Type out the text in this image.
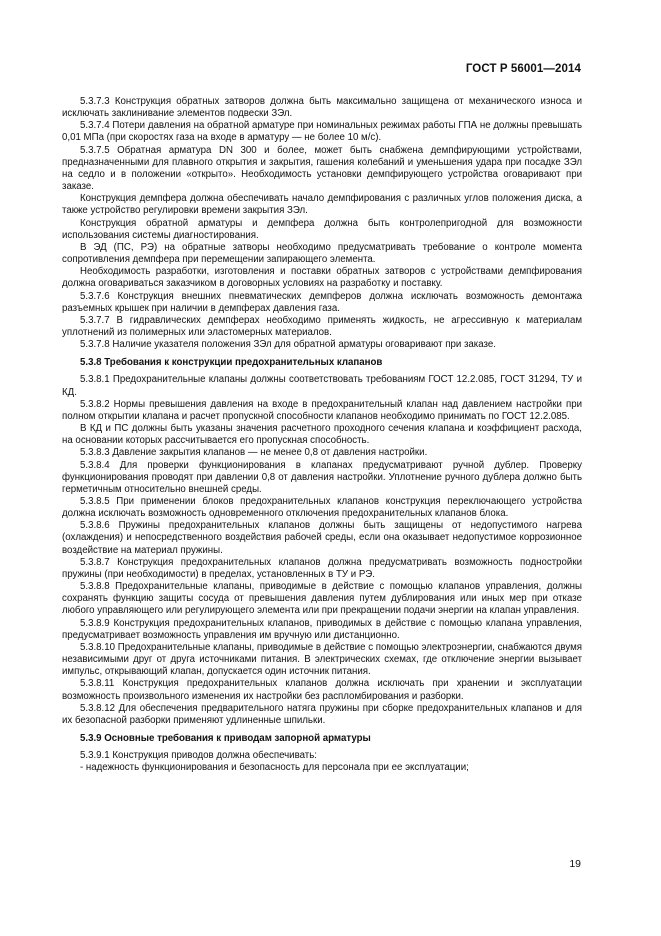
ГОСТ Р 56001—2014

5.3.7.3 Конструкция обратных затворов должна быть максимально защищена от механического износа и исключать заклинивание элементов подвески ЗЭл.

5.3.7.4 Потери давления на обратной арматуре при номинальных режимах работы ГПА не должны превышать 0,01 МПа (при скоростях газа на входе в арматуру — не более 10 м/с).

5.3.7.5 Обратная арматура DN 300 и более, может быть снабжена демпфирующими устройствами, предназначенными для плавного открытия и закрытия, гашения колебаний и уменьшения удара при посадке ЗЭл на седло и в положении «открыто». Необходимость установки демпфирующего устройства оговаривают при заказе.

Конструкция демпфера должна обеспечивать начало демпфирования с различных углов положения диска, а также устройство регулировки времени закрытия ЗЭл.

Конструкция обратной арматуры и демпфера должна быть контролепригодной для возможности использования системы диагностирования.

В ЭД (ПС, РЭ) на обратные затворы необходимо предусматривать требование о контроле момента сопротивления демпфера при перемещении запирающего элемента.

Необходимость разработки, изготовления и поставки обратных затворов с устройствами демпфирования должна оговариваться заказчиком в договорных условиях на разработку и поставку.

5.3.7.6 Конструкция внешних пневматических демпферов должна исключать возможность демонтажа разъемных крышек при наличии в демпферах давления газа.

5.3.7.7 В гидравлических демпферах необходимо применять жидкость, не агрессивную к материалам уплотнений из полимерных или эластомерных материалов.

5.3.7.8 Наличие указателя положения ЗЭл для обратной арматуры оговаривают при заказе.

5.3.8 Требования к конструкции предохранительных клапанов

5.3.8.1 Предохранительные клапаны должны соответствовать требованиям ГОСТ 12.2.085, ГОСТ 31294, ТУ и КД.

5.3.8.2 Нормы превышения давления на входе в предохранительный клапан над давлением настройки при полном открытии клапана и расчет пропускной способности клапанов необходимо принимать по ГОСТ 12.2.085.

В КД и ПС должны быть указаны значения расчетного проходного сечения клапана и коэффициент расхода, на основании которых рассчитывается его пропускная способность.

5.3.8.3 Давление закрытия клапанов — не менее 0,8 от давления настройки.

5.3.8.4 Для проверки функционирования в клапанах предусматривают ручной дублер. Проверку функционирования проводят при давлении 0,8 от давления настройки. Уплотнение ручного дублера должно быть герметичным относительно внешней среды.

5.3.8.5 При применении блоков предохранительных клапанов конструкция переключающего устройства должна исключать возможность одновременного отключения предохранительных клапанов блока.

5.3.8.6 Пружины предохранительных клапанов должны быть защищены от недопустимого нагрева (охлаждения) и непосредственного воздействия рабочей среды, если она оказывает недопустимое коррозионное воздействие на материал пружины.

5.3.8.7 Конструкция предохранительных клапанов должна предусматривать возможность подностройки пружины (при необходимости) в пределах, установленных в ТУ и РЭ.

5.3.8.8 Предохранительные клапаны, приводимые в действие с помощью клапанов управления, должны сохранять функцию защиты сосуда от превышения давления путем дублирования или иных мер при отказе любого управляющего или регулирующего элемента или при прекращении подачи энергии на клапан управления.

5.3.8.9 Конструкция предохранительных клапанов, приводимых в действие с помощью клапана управления, предусматривает возможность управления им вручную или дистанционно.

5.3.8.10 Предохранительные клапаны, приводимые в действие с помощью электроэнергии, снабжаются двумя независимыми друг от друга источниками питания. В электрических схемах, где отключение энергии вызывает импульс, открывающий клапан, допускается один источник питания.

5.3.8.11 Конструкция предохранительных клапанов должна исключать при хранении и эксплуатации возможность произвольного изменения их настройки без распломбирования и разборки.

5.3.8.12 Для обеспечения предварительного натяга пружины при сборке предохранительных клапанов и для их безопасной разборки применяют удлиненные шпильки.

5.3.9 Основные требования к приводам запорной арматуры

5.3.9.1 Конструкция приводов должна обеспечивать:

- надежность функционирования и безопасность для персонала при ее эксплуатации;

19
